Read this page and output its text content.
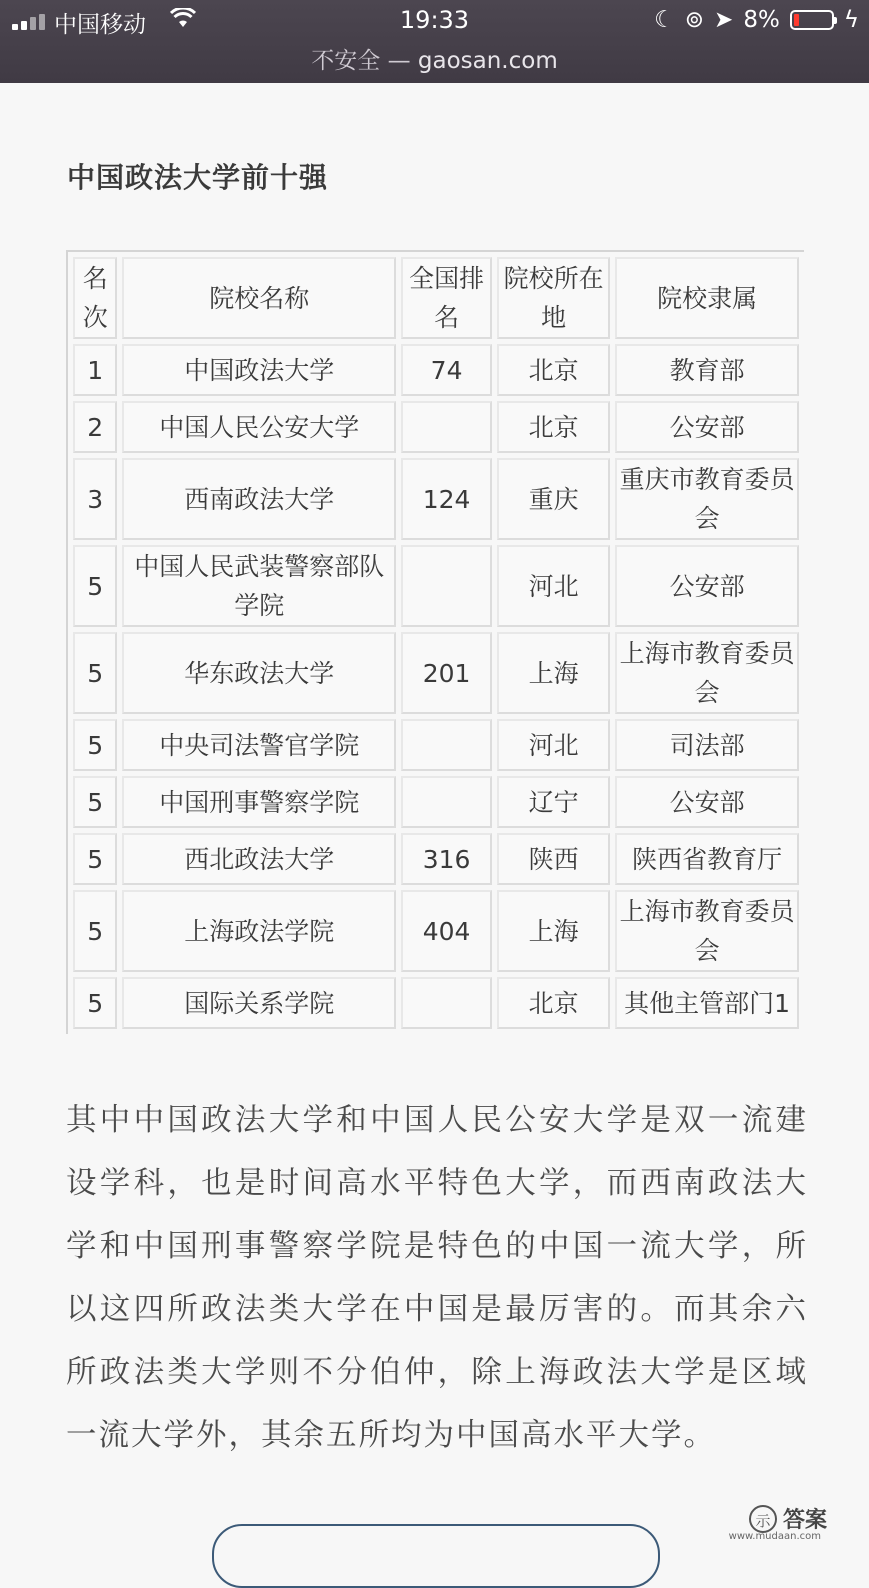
中国移动	19:33	☾ ⊚ ➤ 8%	ϟ
不安全 — gaosan.com
中国政法大学前十强
名次	院校名称	全国排名	院校所在地	院校隶属
1	中国政法大学	74	北京	教育部
2	中国人民公安大学		北京	公安部
3	西南政法大学	124	重庆	重庆市教育委员会
5	中国人民武装警察部队学院		河北	公安部
5	华东政法大学	201	上海	上海市教育委员会
5	中央司法警官学院		河北	司法部
5	中国刑事警察学院		辽宁	公安部
5	西北政法大学	316	陕西	陕西省教育厅
5	上海政法学院	404	上海	上海市教育委员会
5	国际关系学院		北京	其他主管部门1
其中中国政法大学和中国人民公安大学是双一流建设学科，也是时间高水平特色大学，而西南政法大学和中国刑事警察学院是特色的中国一流大学，所以这四所政法类大学在中国是最厉害的。而其余六所政法类大学则不分伯仲，除上海政法大学是区域一流大学外，其余五所均为中国高水平大学。
示 答案
www.mudaan.com
